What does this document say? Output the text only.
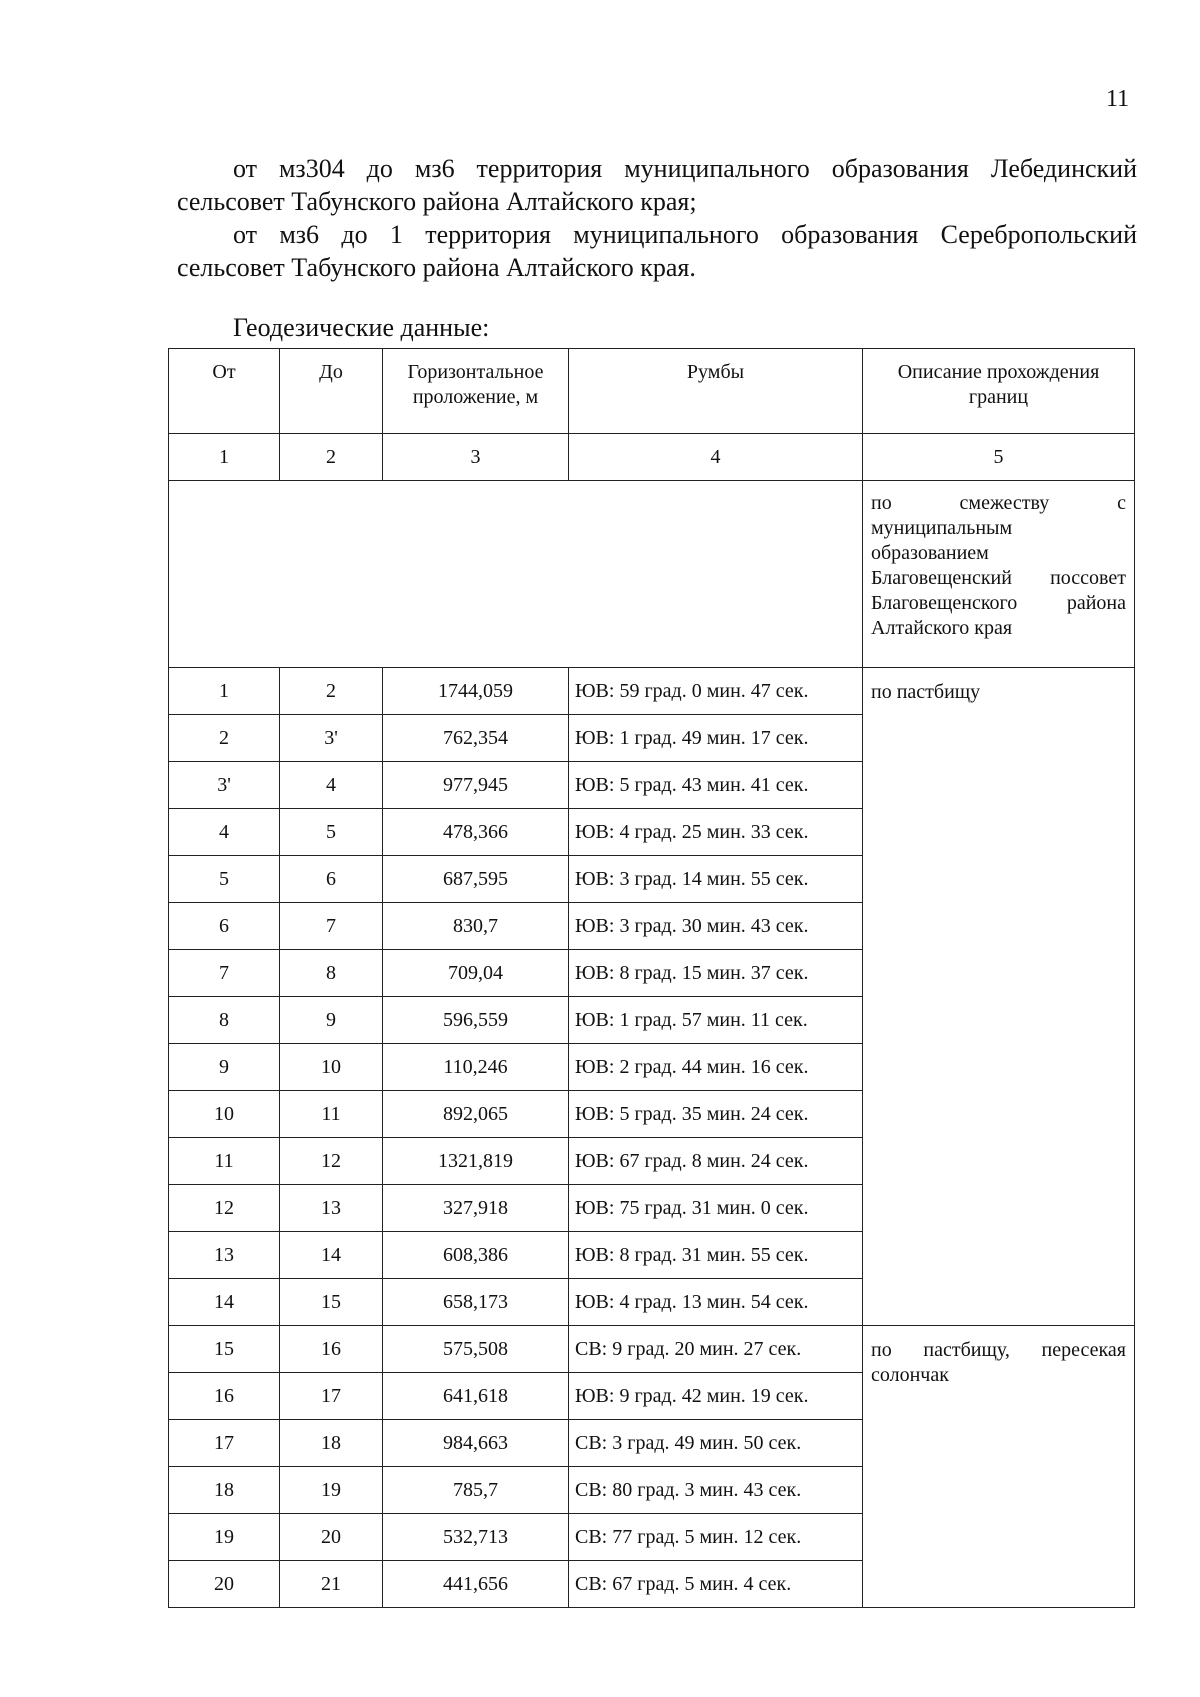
11

от мз304 до мз6 территория муниципального образования Лебединский сельсовет Табунского района Алтайского края;

от мз6 до 1 территория муниципального образования Серебропольский сельсовет Табунского района Алтайского края.

Геодезические данные:
От	До	Горизонтальное проложение, м	Румбы	Описание прохождения границ
1	2	3	4	5
				по смежеству с муниципальным образованием Благовещенский поссовет Благовещенского района Алтайского края
1	2	1744,059	ЮВ: 59 град. 0 мин. 47 сек.	по пастбищу
2	3'	762,354	ЮВ: 1 град. 49 мин. 17 сек.	
3'	4	977,945	ЮВ: 5 град. 43 мин. 41 сек.	
4	5	478,366	ЮВ: 4 град. 25 мин. 33 сек.	
5	6	687,595	ЮВ: 3 град. 14 мин. 55 сек.	
6	7	830,7	ЮВ: 3 град. 30 мин. 43 сек.	
7	8	709,04	ЮВ: 8 град. 15 мин. 37 сек.	
8	9	596,559	ЮВ: 1 град. 57 мин. 11 сек.	
9	10	110,246	ЮВ: 2 град. 44 мин. 16 сек.	
10	11	892,065	ЮВ: 5 град. 35 мин. 24 сек.	
11	12	1321,819	ЮВ: 67 град. 8 мин. 24 сек.	
12	13	327,918	ЮВ: 75 град. 31 мин. 0 сек.	
13	14	608,386	ЮВ: 8 град. 31 мин. 55 сек.	
14	15	658,173	ЮВ: 4 град. 13 мин. 54 сек.	
15	16	575,508	СВ: 9 град. 20 мин. 27 сек.	по пастбищу, пересекая солончак
16	17	641,618	ЮВ: 9 град. 42 мин. 19 сек.	
17	18	984,663	СВ: 3 град. 49 мин. 50 сек.	
18	19	785,7	СВ: 80 град. 3 мин. 43 сек.	
19	20	532,713	СВ: 77 град. 5 мин. 12 сек.	
20	21	441,656	СВ: 67 град. 5 мин. 4 сек.	
